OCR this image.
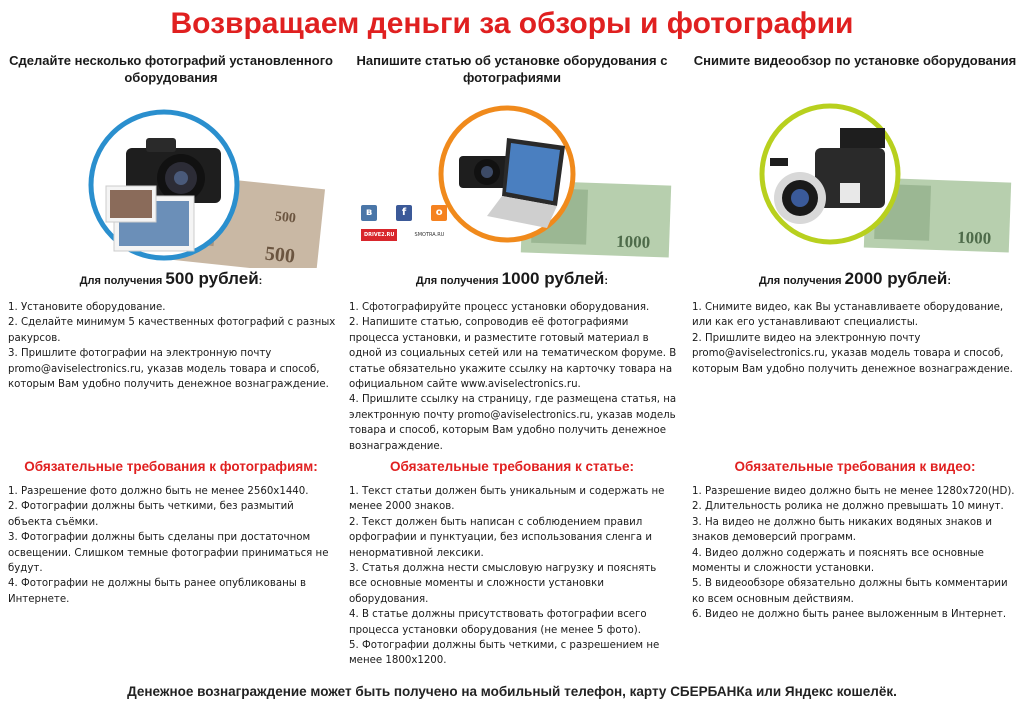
Возвращаем деньги за обзоры и фотографии
Сделайте несколько фотографий установленного оборудования
500
500
Для получения 500 рублей:

1. Установите оборудование.

2. Сделайте минимум 5 качественных фотографий с разных ракурсов.

3. Пришлите фотографии на электронную почту promo@aviselectronics.ru, указав модель товара и способ, которым Вам удобно получить денежное вознаграждение.

Обязательные требования к фотографиям:

1. Разрешение фото должно быть не менее 2560х1440.

2. Фотографии должны быть четкими, без размытий объекта съёмки.

3. Фотографии должны быть сделаны при достаточном освещении. Слишком темные фотографии приниматься не будут.

4. Фотографии не должны быть ранее опубликованы в Интернете.

Напишите статью об установке оборудования с фотографиями
1000
в	f	о
DRIVE2.RU	SMOTRA.RU
Для получения 1000 рублей:

1. Сфотографируйте процесс установки оборудования.

2. Напишите статью, сопроводив её фотографиями процесса установки, и разместите готовый материал в одной из социальных сетей или на тематическом форуме. В статье обязательно укажите ссылку на карточку товара на официальном сайте www.aviselectronics.ru.

4. Пришлите ссылку на страницу, где размещена статья, на электронную почту promo@aviselectronics.ru, указав модель товара и способ, которым Вам удобно получить денежное вознаграждение.

Обязательные требования к статье:

1. Текст статьи должен быть уникальным и содержать не менее 2000 знаков.

2. Текст должен быть написан с соблюдением правил орфографии и пунктуации, без использования сленга и ненормативной лексики.

3. Статья должна нести смысловую нагрузку и пояснять все основные моменты и сложности установки оборудования.

4. В статье должны присутствовать фотографии всего процесса установки оборудования (не менее 5 фото).

5. Фотографии должны быть четкими, с разрешением не менее 1800х1200.

Снимите видеообзор по установке оборудования
1000
Для получения 2000 рублей:

1. Снимите видео, как Вы устанавливаете оборудование, или как его устанавливают специалисты.

2. Пришлите видео на электронную почту promo@aviselectronics.ru, указав модель товара и способ, которым Вам удобно получить денежное вознаграждение.

Обязательные требования к видео:

1. Разрешение видео должно быть не менее 1280х720(HD).

2. Длительность ролика не должно превышать 10 минут.

3. На видео не должно быть никаких водяных знаков и знаков демоверсий программ.

4. Видео должно содержать и пояснять все основные моменты и сложности установки.

5. В видеообзоре обязательно должны быть комментарии ко всем основным действиям.

6. Видео не должно быть ранее выложенным в Интернет.

Денежное вознаграждение может быть получено на мобильный телефон, карту СБЕРБАНКа или Яндекс кошелёк.
